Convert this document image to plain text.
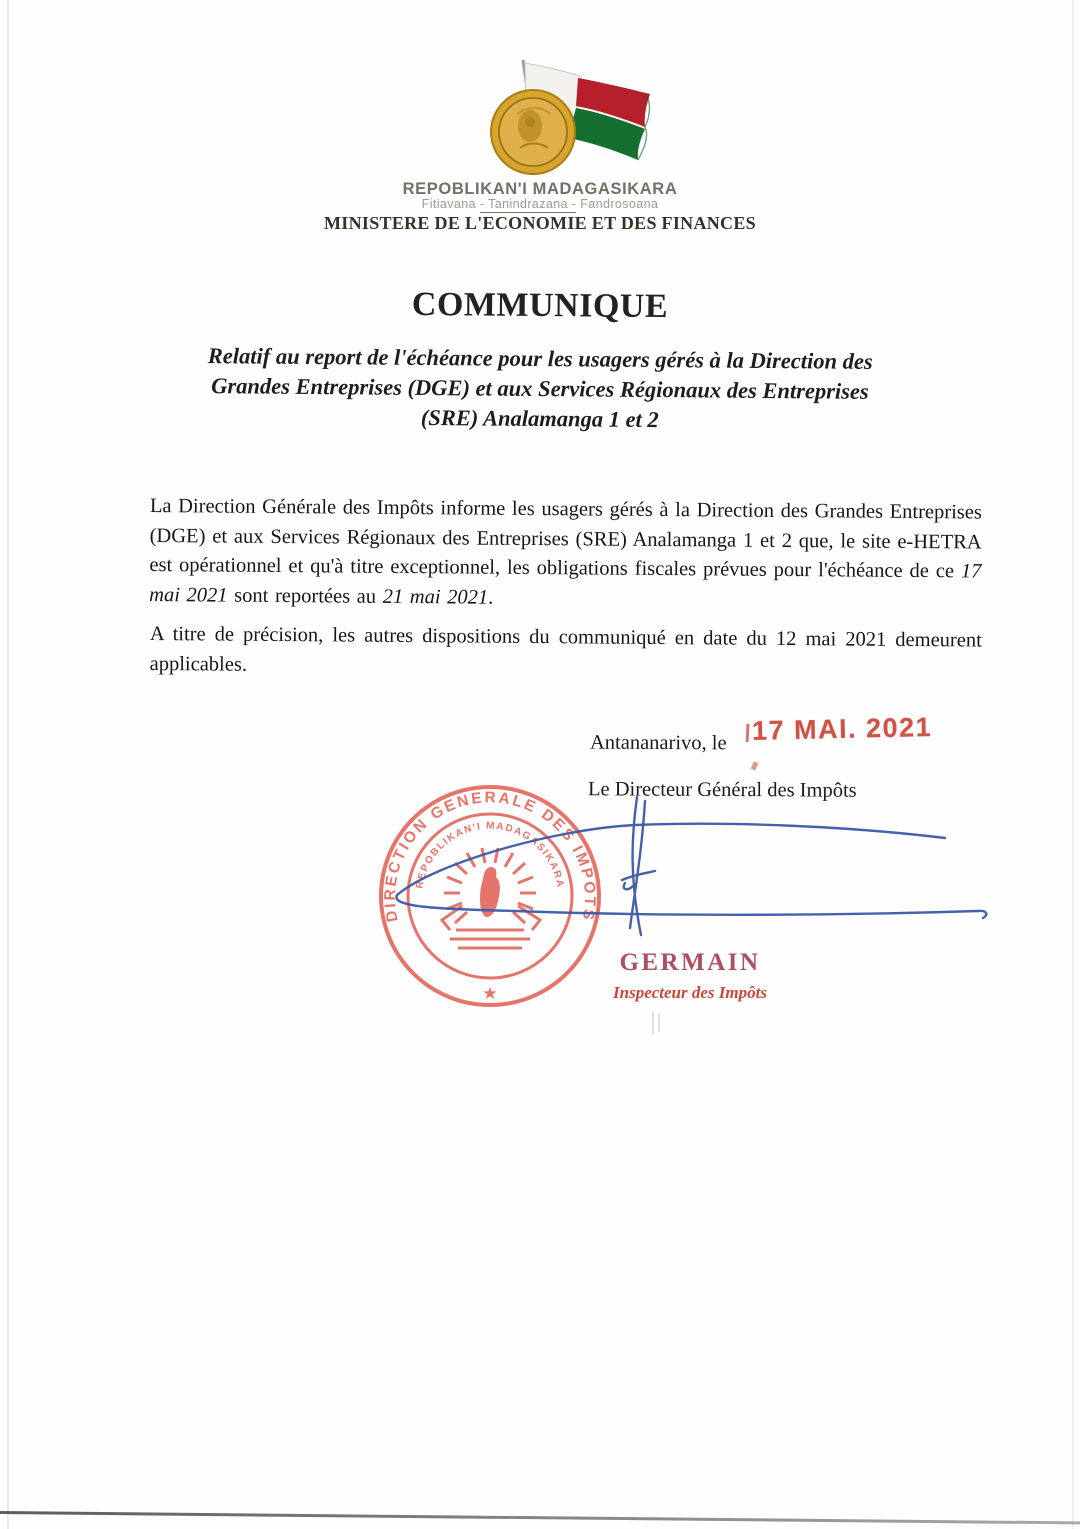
REPOBLIKAN'I MADAGASIKARA
Fitiavana - Tanindrazana - Fandrosoana
MINISTERE DE L'ECONOMIE ET DES FINANCES
COMMUNIQUE
Relatif au report de l'échéance pour les usagers gérés à la Direction des
Grandes Entreprises (DGE) et aux Services Régionaux des Entreprises
(SRE) Analamanga 1 et 2

La Direction Générale des Impôts informe les usagers gérés à la Direction des Grandes Entreprises (DGE) et aux Services Régionaux des Entreprises (SRE) Analamanga 1 et 2 que, le site e-HETRA est opérationnel et qu'à titre exceptionnel, les obligations fiscales prévues pour l'échéance de ce 17 mai 2021 sont reportées au 21 mai 2021.

A titre de précision, les autres dispositions du communiqué en date du 12 mai 2021 demeurent applicables.

Antananarivo, le 17 MAI. 2021
Le Directeur Général des Impôts
DIRECTION GENERALE DES IMPOTS
REPOBLIKAN'I MADAGASIKARA
★
GERMAIN
Inspecteur des Impôts
